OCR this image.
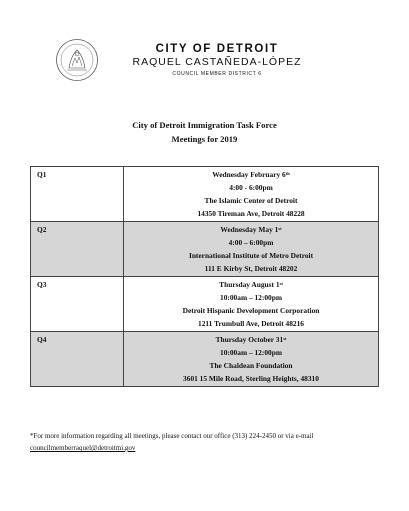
CITY OF DETROIT
RAQUEL CASTAÑEDA-LÓPEZ
COUNCIL MEMBER DISTRICT 6
City of Detroit Immigration Task Force
Meetings for 2019
Q1	Wednesday February 6th
4:00 - 6:00pm
The Islamic Center of Detroit
14350 Tireman Ave, Detroit 48228

Q2	Wednesday May 1st
4:00 – 6:00pm
International Institute of Metro Detroit
111 E Kirby St, Detroit 48202

Q3	Thursday August 1st
10:00am – 12:00pm
Detroit Hispanic Development Corporation
1211 Trumbull Ave, Detroit 48216

Q4	Thursday October 31st
10:00am – 12:00pm
The Chaldean Foundation
3601 15 Mile Road, Sterling Heights, 48310
*For more information regarding all meetings, please contact our office (313) 224-2450 or via e-mail
councilmemberraquel@detroitmi.gov
